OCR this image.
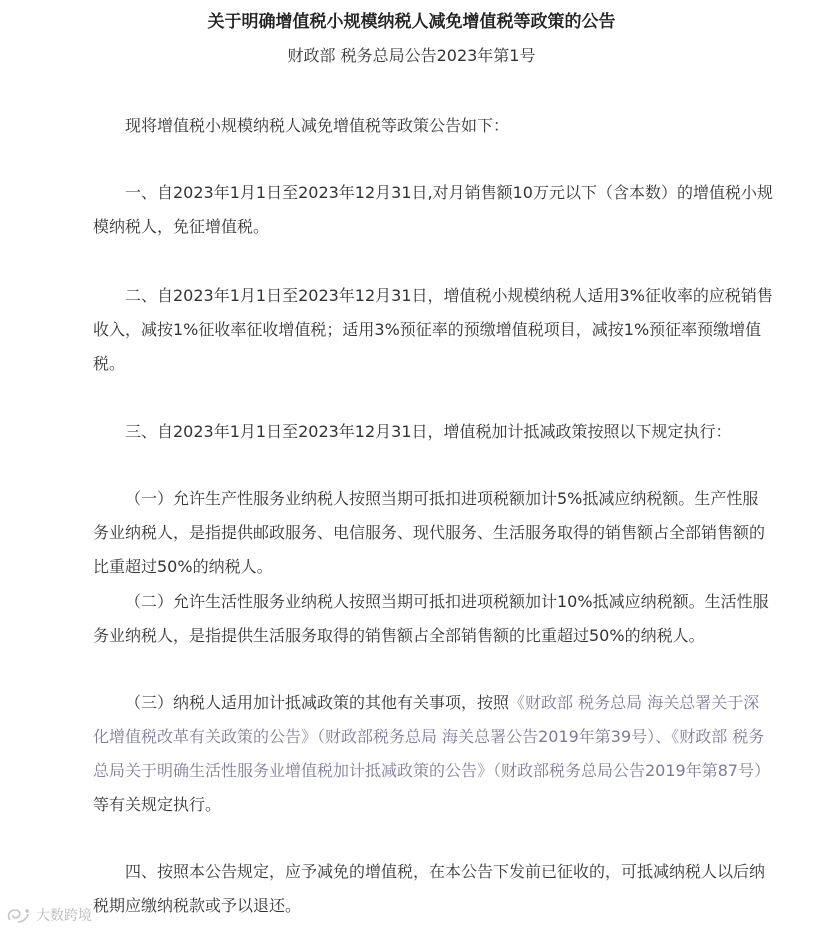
关于明确增值税小规模纳税人减免增值税等政策的公告
财政部 税务总局公告2023年第1号
现将增值税小规模纳税人减免增值税等政策公告如下：
一、自2023年1月1日至2023年12月31日,对月销售额10万元以下（含本数）的增值税小规模纳税人，免征增值税。
二、自2023年1月1日至2023年12月31日，增值税小规模纳税人适用3%征收率的应税销售收入，减按1%征收率征收增值税；适用3%预征率的预缴增值税项目，减按1%预征率预缴增值税。
三、自2023年1月1日至2023年12月31日，增值税加计抵减政策按照以下规定执行：
（一）允许生产性服务业纳税人按照当期可抵扣进项税额加计5%抵减应纳税额。生产性服务业纳税人，是指提供邮政服务、电信服务、现代服务、生活服务取得的销售额占全部销售额的比重超过50%的纳税人。
（二）允许生活性服务业纳税人按照当期可抵扣进项税额加计10%抵减应纳税额。生活性服务业纳税人，是指提供生活服务取得的销售额占全部销售额的比重超过50%的纳税人。
（三）纳税人适用加计抵减政策的其他有关事项，按照《财政部 税务总局 海关总署关于深化增值税改革有关政策的公告》（财政部税务总局 海关总署公告2019年第39号）、《财政部 税务总局关于明确生活性服务业增值税加计抵减政策的公告》（财政部税务总局公告2019年第87号）等有关规定执行。
四、按照本公告规定，应予减免的增值税，在本公告下发前已征收的，可抵减纳税人以后纳税期应缴纳税款或予以退还。
大数跨境
